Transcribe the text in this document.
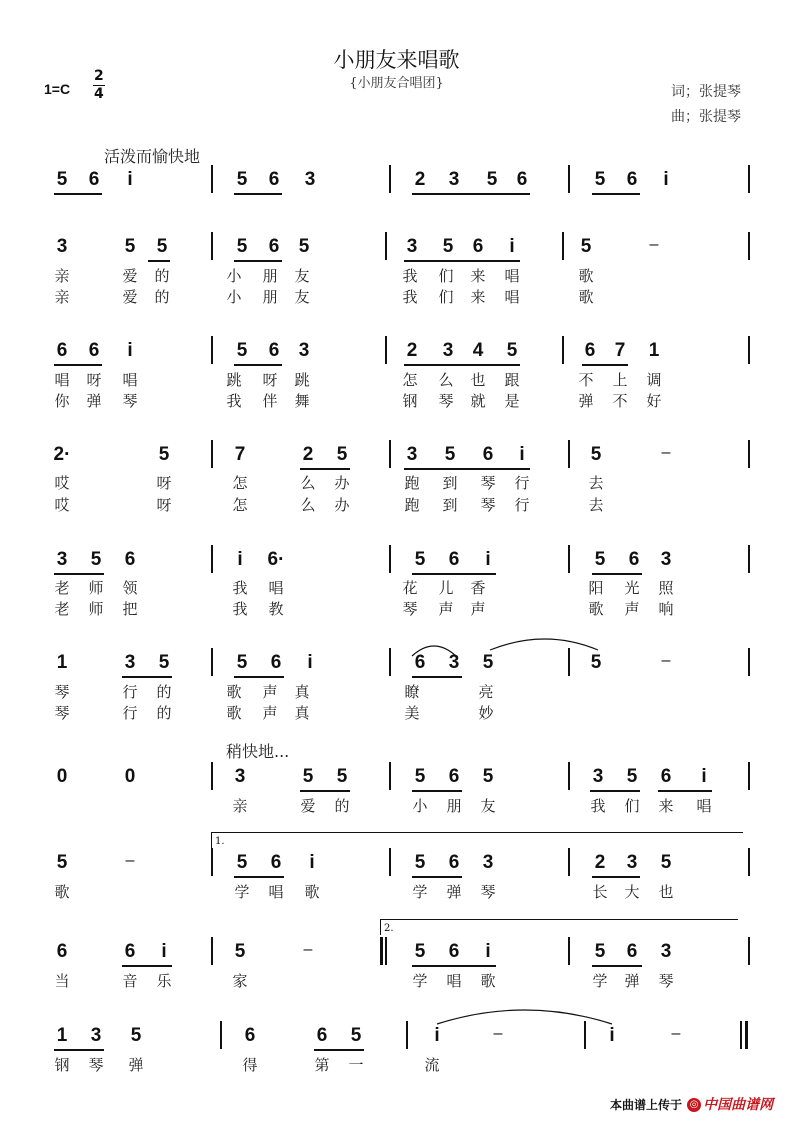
小朋友来唱歌
{小朋友合唱团}
1=C
2
4	词；张提琴
曲；张提琴
活泼而愉快地
稍快地...
5 6 i	5 6 3	2 3 5 6	5 6 i
3	5 5	5 6 5	3 5 6 i	5	–
亲	爱 的	小 朋 友	我 们 来 唱	歌
亲	爱 的	小 朋 友	我 们 来 唱	歌
6 6 i	5 6 3	2 3 4 5	6 7 1
唱 呀 唱	跳 呀 跳	怎 么 也 跟	不 上 调
你 弹 琴	我 伴 舞	钢 琴 就 是	弹 不 好
2·	5	7	2 5	3 5 6 i	5	–
哎	呀	怎	么 办	跑 到 琴 行	去
哎	呀	怎	么 办	跑 到 琴 行	去
3 5 6	i 6·	5 6 i	5 6 3
老 师 领	我 唱	花 儿 香	阳 光 照
老 师 把	我 教	琴 声 声	歌 声 响
1	3 5	5 6 i	6 3 5	5	–
琴	行 的	歌 声 真	瞭	亮
琴	行 的	歌 声 真	美	妙
0	0	3	5 5	5 6 5	3 5 6 i
亲	爱 的	小 朋 友	我 们 来 唱
5	–	5 6 i	5 6 3	2 3 5
歌	学 唱 歌	学 弹 琴	长 大 也
6	6 i	5	–	5 6 i	5 6 3
当	音 乐	家	学 唱 歌	学 弹 琴
1 3 5	6	6 5	i	–	i	–
钢 琴 弹	得	第 一	流
1.
2.
本曲谱上传于 ◎ 中国曲谱网
